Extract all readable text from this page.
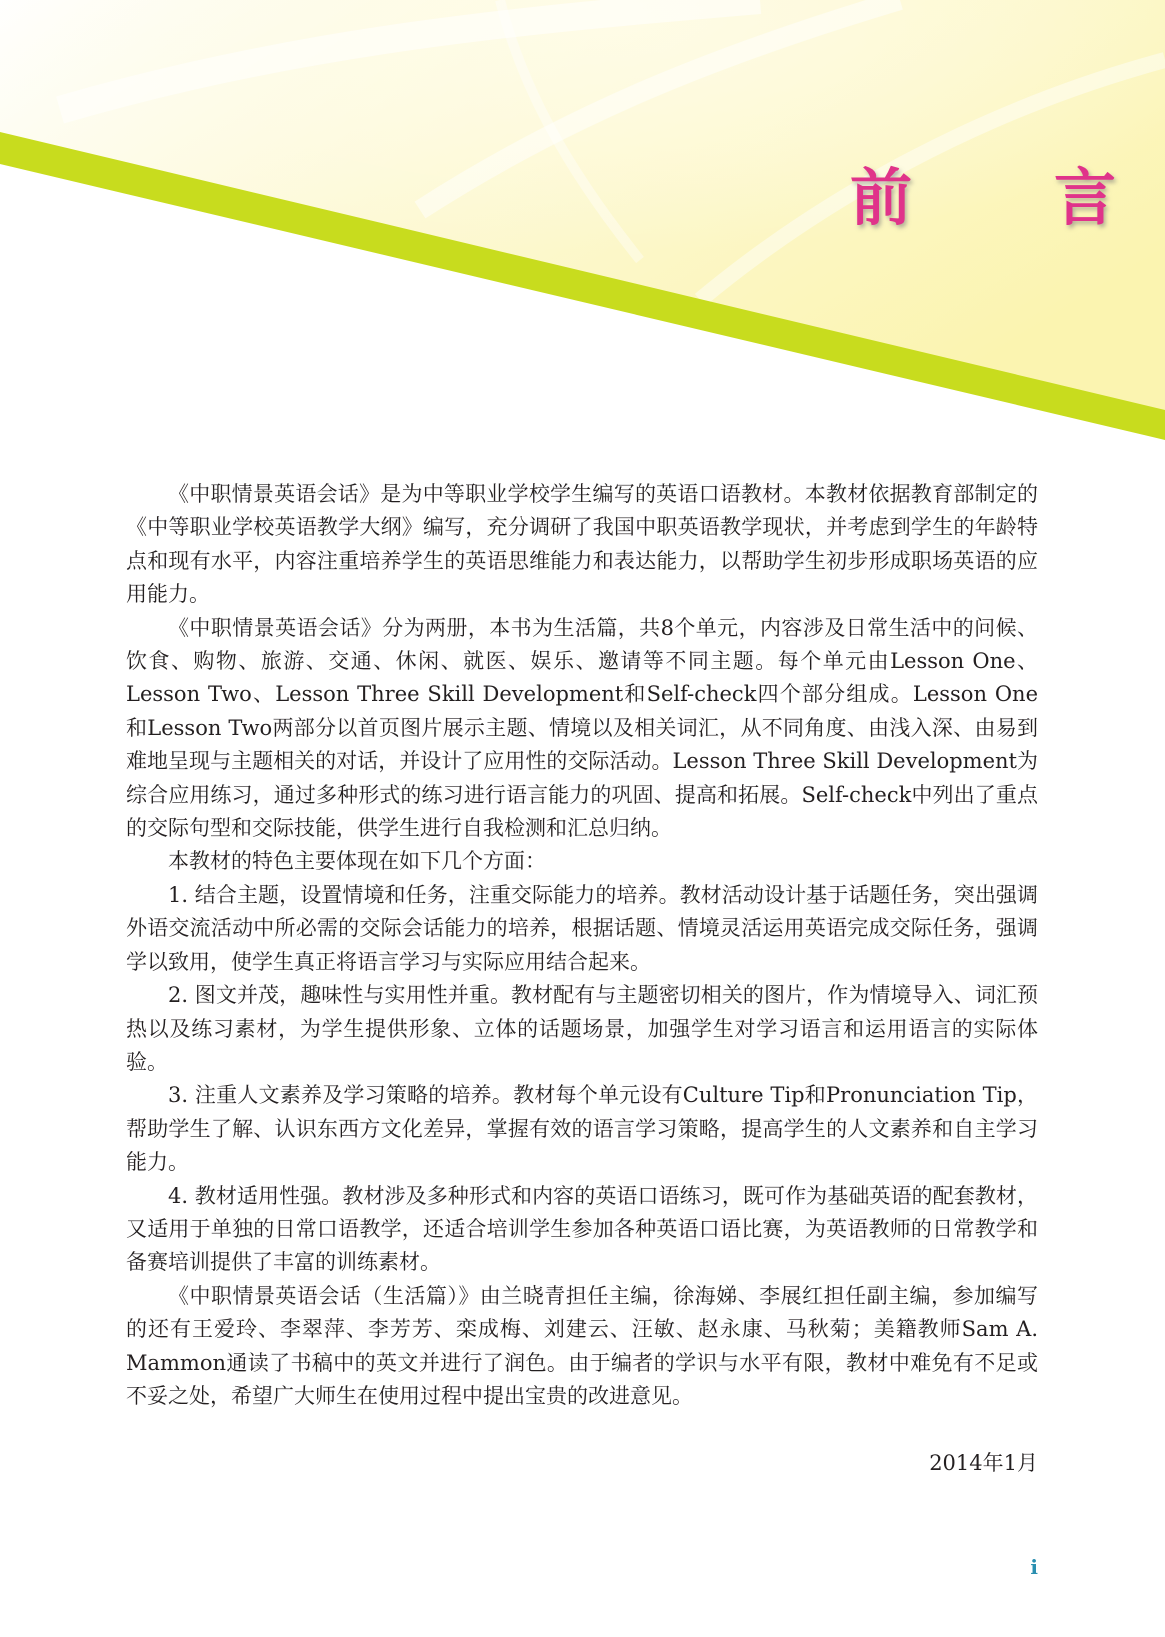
前　言

《中职情景英语会话》是为中等职业学校学生编写的英语口语教材。本教材依据教育部制定的《中等职业学校英语教学大纲》编写，充分调研了我国中职英语教学现状，并考虑到学生的年龄特点和现有水平，内容注重培养学生的英语思维能力和表达能力，以帮助学生初步形成职场英语的应用能力。

《中职情景英语会话》分为两册，本书为生活篇，共8个单元，内容涉及日常生活中的问候、饮食、购物、旅游、交通、休闲、就医、娱乐、邀请等不同主题。每个单元由Lesson One、Lesson Two、Lesson Three Skill Development和Self-check四个部分组成。Lesson One和Lesson Two两部分以首页图片展示主题、情境以及相关词汇，从不同角度、由浅入深、由易到难地呈现与主题相关的对话，并设计了应用性的交际活动。Lesson Three Skill Development为综合应用练习，通过多种形式的练习进行语言能力的巩固、提高和拓展。Self-check中列出了重点的交际句型和交际技能，供学生进行自我检测和汇总归纳。

本教材的特色主要体现在如下几个方面：

1. 结合主题，设置情境和任务，注重交际能力的培养。教材活动设计基于话题任务，突出强调外语交流活动中所必需的交际会话能力的培养，根据话题、情境灵活运用英语完成交际任务，强调学以致用，使学生真正将语言学习与实际应用结合起来。

2. 图文并茂，趣味性与实用性并重。教材配有与主题密切相关的图片，作为情境导入、词汇预热以及练习素材，为学生提供形象、立体的话题场景，加强学生对学习语言和运用语言的实际体验。

3. 注重人文素养及学习策略的培养。教材每个单元设有Culture Tip和Pronunciation Tip，帮助学生了解、认识东西方文化差异，掌握有效的语言学习策略，提高学生的人文素养和自主学习能力。

4. 教材适用性强。教材涉及多种形式和内容的英语口语练习，既可作为基础英语的配套教材，又适用于单独的日常口语教学，还适合培训学生参加各种英语口语比赛，为英语教师的日常教学和备赛培训提供了丰富的训练素材。

《中职情景英语会话（生活篇）》由兰晓青担任主编，徐海娣、李展红担任副主编，参加编写的还有王爱玲、李翠萍、李芳芳、栾成梅、刘建云、汪敏、赵永康、马秋菊；美籍教师Sam A. Mammon通读了书稿中的英文并进行了润色。由于编者的学识与水平有限，教材中难免有不足或不妥之处，希望广大师生在使用过程中提出宝贵的改进意见。

2014年1月
i
